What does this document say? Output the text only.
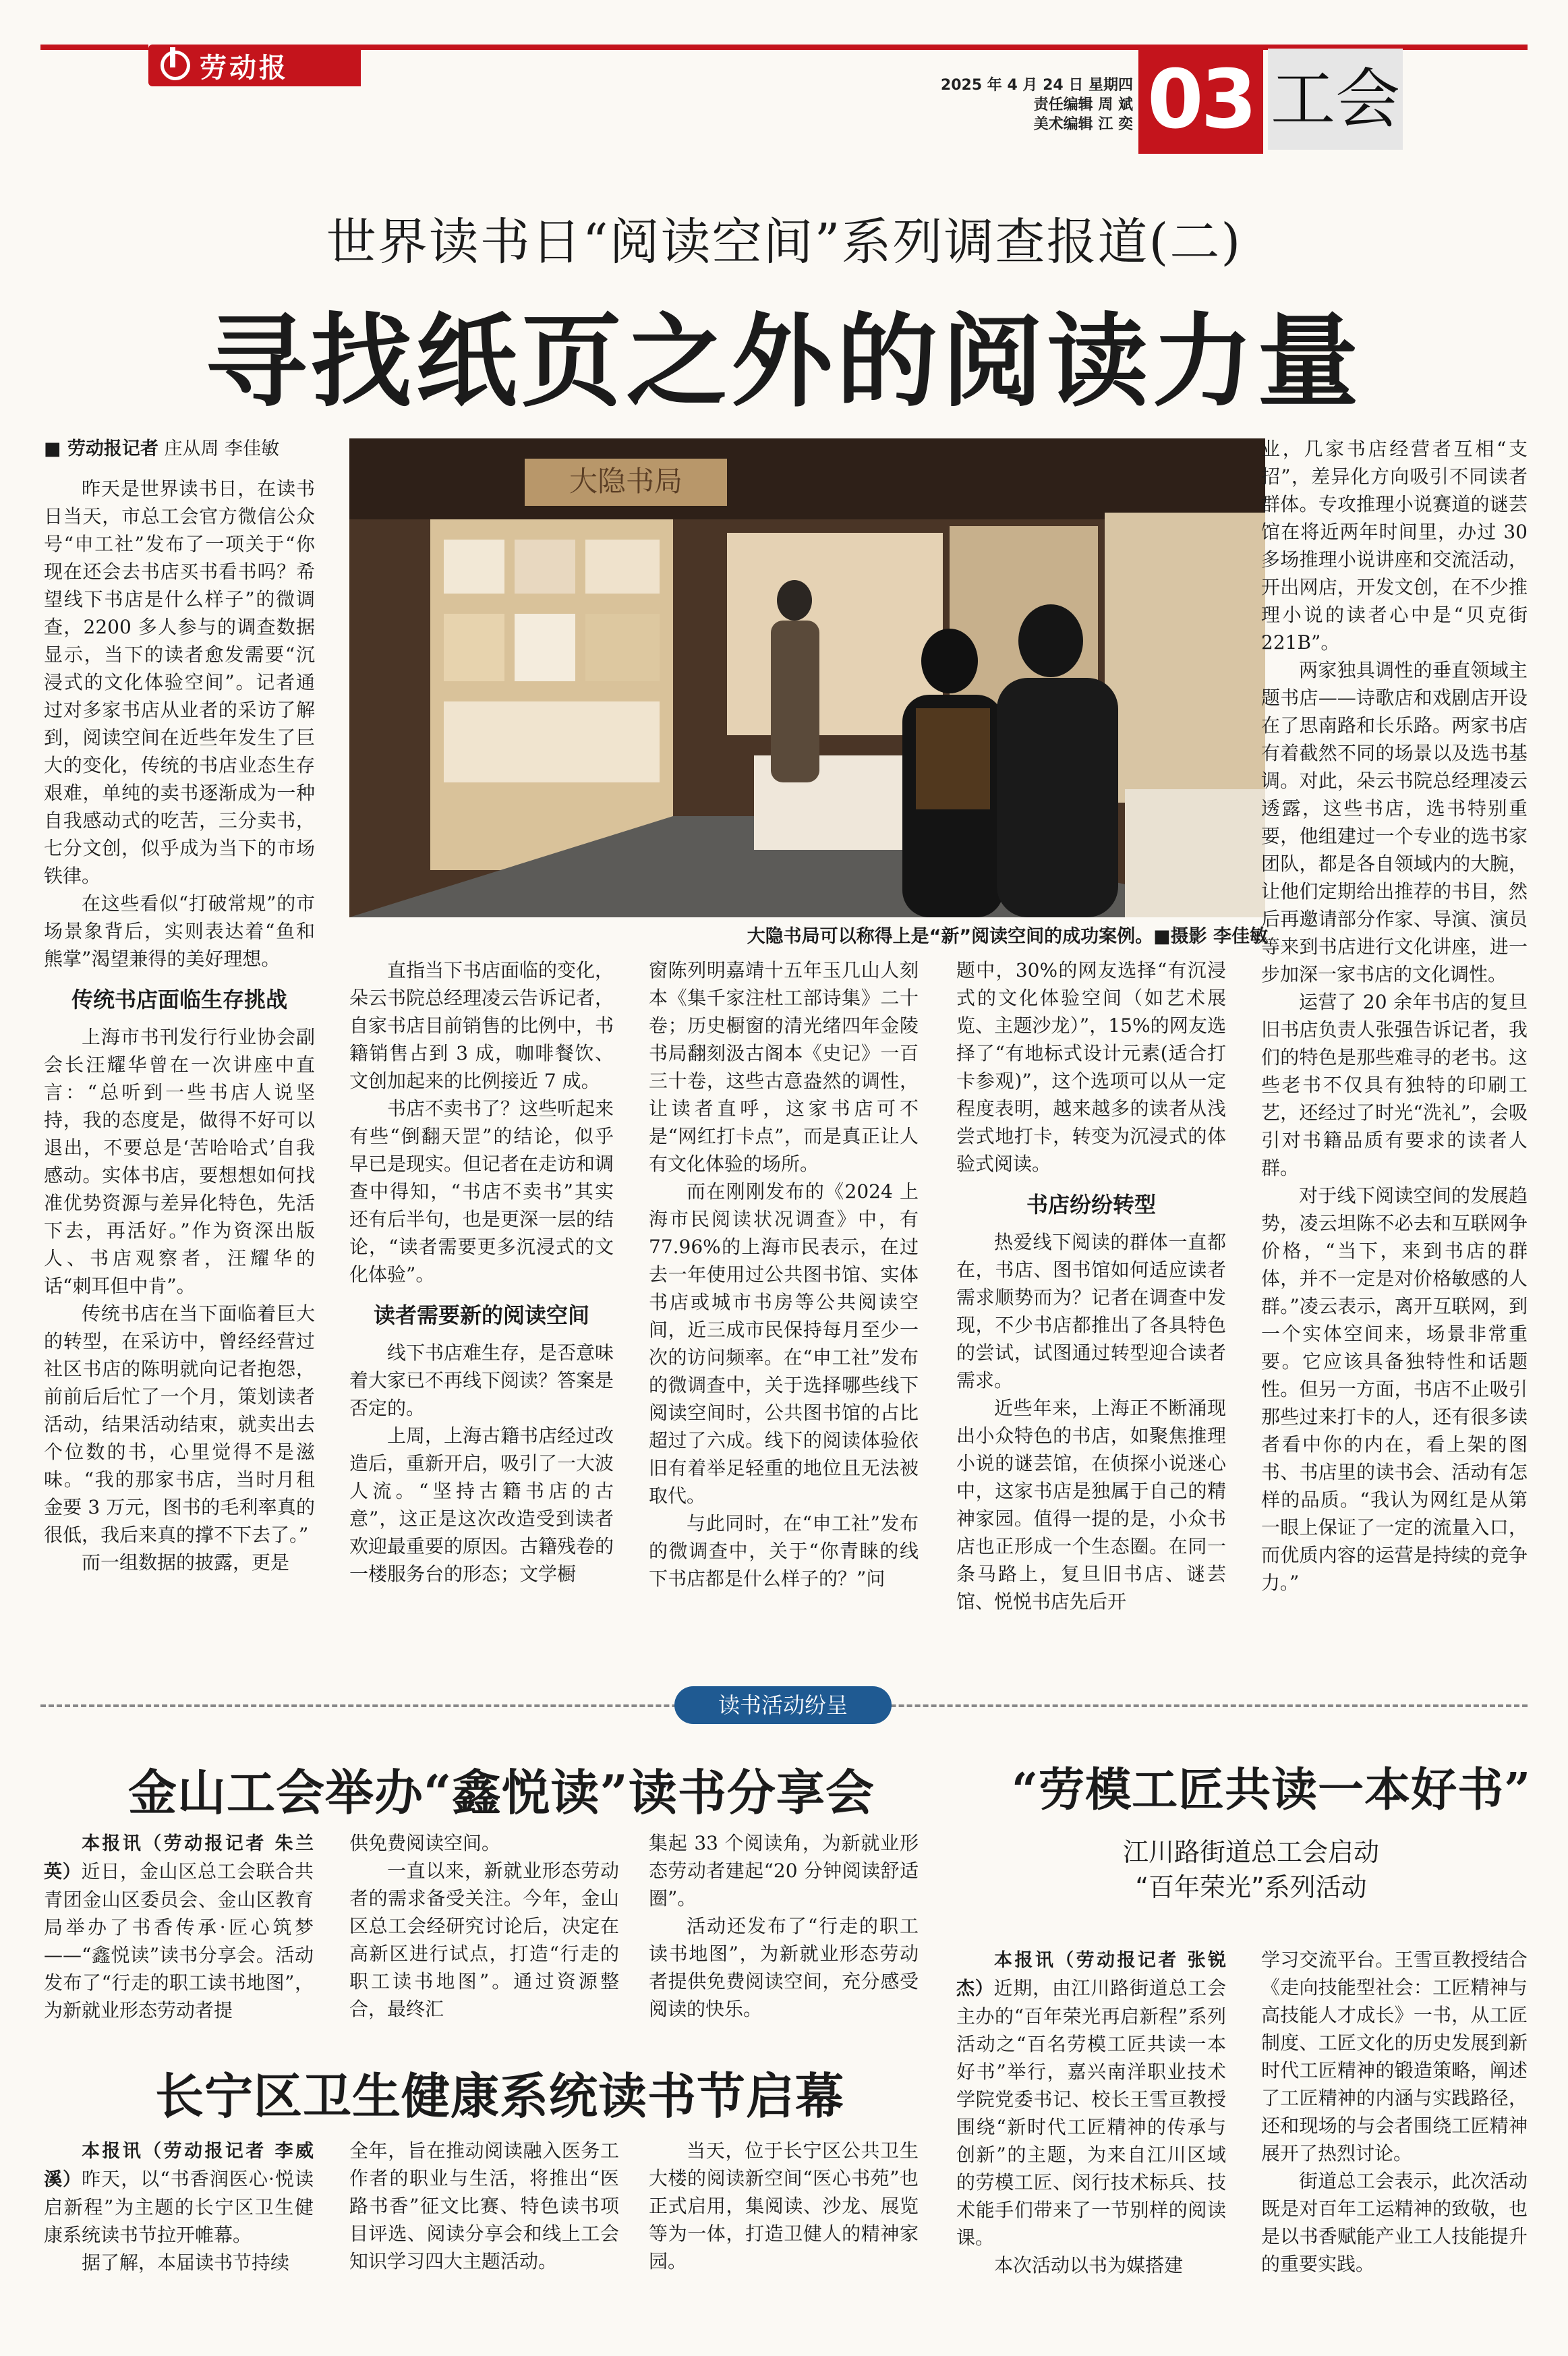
劳动报
2025 年 4 月 24 日 星期四
责任编辑 周 斌
美术编辑 江 奕 03 工会
世界读书日“阅读空间”系列调查报道(二)
寻找纸页之外的阅读力量

■ 劳动报记者 庄从周 李佳敏

昨天是世界读书日，在读书日当天，市总工会官方微信公众号“申工社”发布了一项关于“你现在还会去书店买书看书吗？希望线下书店是什么样子”的微调查，2200 多人参与的调查数据显示，当下的读者愈发需要“沉浸式的文化体验空间”。记者通过对多家书店从业者的采访了解到，阅读空间在近些年发生了巨大的变化，传统的书店业态生存艰难，单纯的卖书逐渐成为一种自我感动式的吃苦，三分卖书，七分文创，似乎成为当下的市场铁律。

在这些看似“打破常规”的市场景象背后，实则表达着“鱼和熊掌”渴望兼得的美好理想。

传统书店面临生存挑战

上海市书刊发行行业协会副会长汪耀华曾在一次讲座中直言：“总听到一些书店人说坚持，我的态度是，做得不好可以退出，不要总是‘苦哈哈式’自我感动。实体书店，要想想如何找准优势资源与差异化特色，先活下去，再活好。”作为资深出版人、书店观察者，汪耀华的话“刺耳但中肯”。

传统书店在当下面临着巨大的转型，在采访中，曾经经营过社区书店的陈明就向记者抱怨，前前后后忙了一个月，策划读者活动，结果活动结束，就卖出去个位数的书，心里觉得不是滋味。“我的那家书店，当时月租金要 3 万元，图书的毛利率真的很低，我后来真的撑不下去了。”

而一组数据的披露，更是

大隐书局
大隐书局可以称得上是“新”阅读空间的成功案例。■摄影 李佳敏

直指当下书店面临的变化，朵云书院总经理凌云告诉记者，自家书店目前销售的比例中，书籍销售占到 3 成，咖啡餐饮、文创加起来的比例接近 7 成。

书店不卖书了？这些听起来有些“倒翻天罡”的结论，似乎早已是现实。但记者在走访和调查中得知，“书店不卖书”其实还有后半句，也是更深一层的结论，“读者需要更多沉浸式的文化体验”。

读者需要新的阅读空间

线下书店难生存，是否意味着大家已不再线下阅读？答案是否定的。

上周，上海古籍书店经过改造后，重新开启，吸引了一大波人流。“坚持古籍书店的古意”，这正是这次改造受到读者欢迎最重要的原因。古籍残卷的一楼服务台的形态；文学橱

窗陈列明嘉靖十五年玉几山人刻本《集千家注杜工部诗集》二十卷；历史橱窗的清光绪四年金陵书局翻刻汲古阁本《史记》一百三十卷，这些古意盎然的调性，让读者直呼，这家书店可不是“网红打卡点”，而是真正让人有文化体验的场所。

而在刚刚发布的《2024 上海市民阅读状况调查》中，有 77.96%的上海市民表示，在过去一年使用过公共图书馆、实体书店或城市书房等公共阅读空间，近三成市民保持每月至少一次的访问频率。在“申工社”发布的微调查中，关于选择哪些线下阅读空间时，公共图书馆的占比超过了六成。线下的阅读体验依旧有着举足轻重的地位且无法被取代。

与此同时，在“申工社”发布的微调查中，关于“你青睐的线下书店都是什么样子的？”问

题中，30%的网友选择“有沉浸式的文化体验空间（如艺术展览、主题沙龙）”，15%的网友选择了“有地标式设计元素(适合打卡参观)”，这个选项可以从一定程度表明，越来越多的读者从浅尝式地打卡，转变为沉浸式的体验式阅读。

书店纷纷转型

热爱线下阅读的群体一直都在，书店、图书馆如何适应读者需求顺势而为？记者在调查中发现，不少书店都推出了各具特色的尝试，试图通过转型迎合读者需求。

近些年来，上海正不断涌现出小众特色的书店，如聚焦推理小说的谜芸馆，在侦探小说迷心中，这家书店是独属于自己的精神家园。值得一提的是，小众书店也正形成一个生态圈。在同一条马路上，复旦旧书店、谜芸馆、悦悦书店先后开

业，几家书店经营者互相“支招”，差异化方向吸引不同读者群体。专攻推理小说赛道的谜芸馆在将近两年时间里，办过 30 多场推理小说讲座和交流活动，开出网店，开发文创，在不少推理小说的读者心中是“贝克街 221B”。

两家独具调性的垂直领域主题书店——诗歌店和戏剧店开设在了思南路和长乐路。两家书店有着截然不同的场景以及选书基调。对此，朵云书院总经理凌云透露，这些书店，选书特别重要，他组建过一个专业的选书家团队，都是各自领域内的大腕，让他们定期给出推荐的书目，然后再邀请部分作家、导演、演员等来到书店进行文化讲座，进一步加深一家书店的文化调性。

运营了 20 余年书店的复旦旧书店负责人张强告诉记者，我们的特色是那些难寻的老书。这些老书不仅具有独特的印刷工艺，还经过了时光“洗礼”，会吸引对书籍品质有要求的读者人群。

对于线下阅读空间的发展趋势，凌云坦陈不必去和互联网争价格，“当下，来到书店的群体，并不一定是对价格敏感的人群。”凌云表示，离开互联网，到一个实体空间来，场景非常重要。它应该具备独特性和话题性。但另一方面，书店不止吸引那些过来打卡的人，还有很多读者看中你的内在，看上架的图书、书店里的读书会、活动有怎样的品质。“我认为网红是从第一眼上保证了一定的流量入口，而优质内容的运营是持续的竞争力。”

读书活动纷呈
金山工会举办“鑫悦读”读书分享会

本报讯（劳动报记者 朱兰英）近日，金山区总工会联合共青团金山区委员会、金山区教育局举办了书香传承·匠心筑梦——“鑫悦读”读书分享会。活动发布了“行走的职工读书地图”，为新就业形态劳动者提

供免费阅读空间。

一直以来，新就业形态劳动者的需求备受关注。今年，金山区总工会经研究讨论后，决定在高新区进行试点，打造“行走的职工读书地图”。通过资源整合，最终汇

集起 33 个阅读角，为新就业形态劳动者建起“20 分钟阅读舒适圈”。

活动还发布了“行走的职工读书地图”，为新就业形态劳动者提供免费阅读空间，充分感受阅读的快乐。

长宁区卫生健康系统读书节启幕

本报讯（劳动报记者 李威溪）昨天，以“书香润医心·悦读启新程”为主题的长宁区卫生健康系统读书节拉开帷幕。

据了解，本届读书节持续

全年，旨在推动阅读融入医务工作者的职业与生活，将推出“医路书香”征文比赛、特色读书项目评选、阅读分享会和线上工会知识学习四大主题活动。

当天，位于长宁区公共卫生大楼的阅读新空间“医心书苑”也正式启用，集阅读、沙龙、展览等为一体，打造卫健人的精神家园。

“劳模工匠共读一本好书”
江川路街道总工会启动
“百年荣光”系列活动

本报讯（劳动报记者 张锐杰）近期，由江川路街道总工会主办的“百年荣光再启新程”系列活动之“百名劳模工匠共读一本好书”举行，嘉兴南洋职业技术学院党委书记、校长王雪亘教授围绕“新时代工匠精神的传承与创新”的主题，为来自江川区域的劳模工匠、闵行技术标兵、技术能手们带来了一节别样的阅读课。

本次活动以书为媒搭建

学习交流平台。王雪亘教授结合《走向技能型社会：工匠精神与高技能人才成长》一书，从工匠制度、工匠文化的历史发展到新时代工匠精神的锻造策略，阐述了工匠精神的内涵与实践路径，还和现场的与会者围绕工匠精神展开了热烈讨论。

街道总工会表示，此次活动既是对百年工运精神的致敬，也是以书香赋能产业工人技能提升的重要实践。
